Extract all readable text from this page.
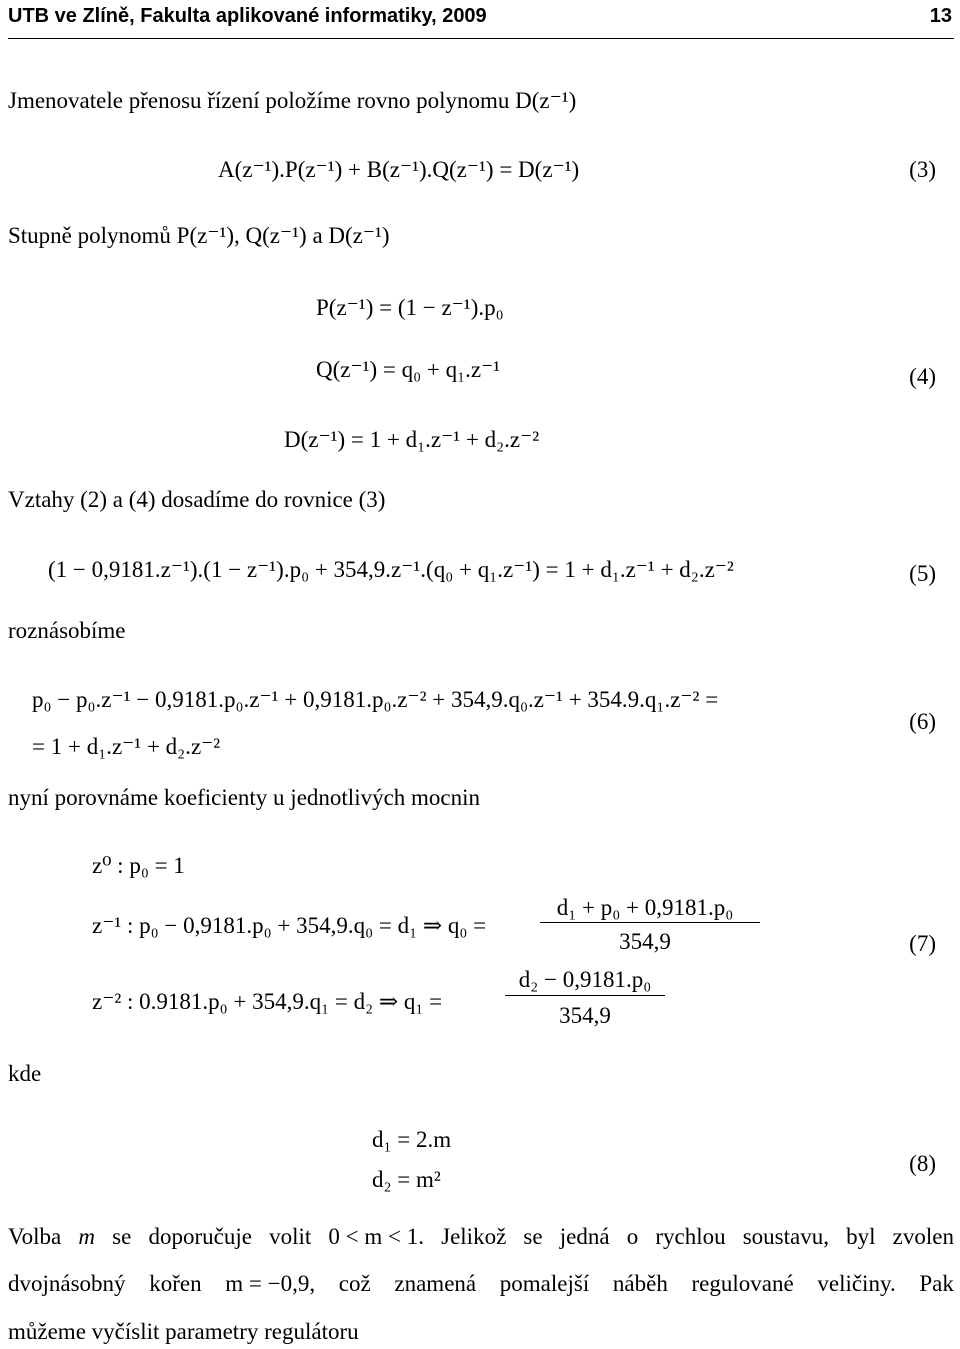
UTB ve Zlíně, Fakulta aplikované informatiky, 2009	13
Jmenovatele přenosu řízení položíme rovno polynomu D(z⁻¹)
A(z⁻¹).P(z⁻¹) + B(z⁻¹).Q(z⁻¹) = D(z⁻¹)	(3)
Stupně polynomů P(z⁻¹), Q(z⁻¹) a D(z⁻¹)
P(z⁻¹) = (1 − z⁻¹).p₀
Q(z⁻¹) = q₀ + q₁.z⁻¹
D(z⁻¹) = 1 + d₁.z⁻¹ + d₂.z⁻²
(4)
Vztahy (2) a (4) dosadíme do rovnice (3)
(1 − 0,9181.z⁻¹).(1 − z⁻¹).p₀ + 354,9.z⁻¹.(q₀ + q₁.z⁻¹) = 1 + d₁.z⁻¹ + d₂.z⁻²	(5)
roznásobíme
p₀ − p₀.z⁻¹ − 0,9181.p₀.z⁻¹ + 0,9181.p₀.z⁻² + 354,9.q₀.z⁻¹ + 354.9.q₁.z⁻² =
= 1 + d₁.z⁻¹ + d₂.z⁻²
(6)
nyní porovnáme koeficienty u jednotlivých mocnin
z⁰ : p₀ = 1
z⁻¹ : p₀ − 0,9181.p₀ + 354,9.q₀ = d₁ ⇒ q₀ =
d₁ + p₀ + 0,9181.p₀
354,9	(7)
z⁻² : 0.9181.p₀ + 354,9.q₁ = d₂ ⇒ q₁ =
d₂ − 0,9181.p₀
354,9
kde
d₁ = 2.m
d₂ = m²
(8)
Volba m se doporučuje volit 0 < m < 1. Jelikož se jedná o rychlou soustavu, byl zvolen
dvojnásobný kořen m = −0,9, což znamená pomalejší náběh regulované veličiny. Pak
můžeme vyčíslit parametry regulátoru
